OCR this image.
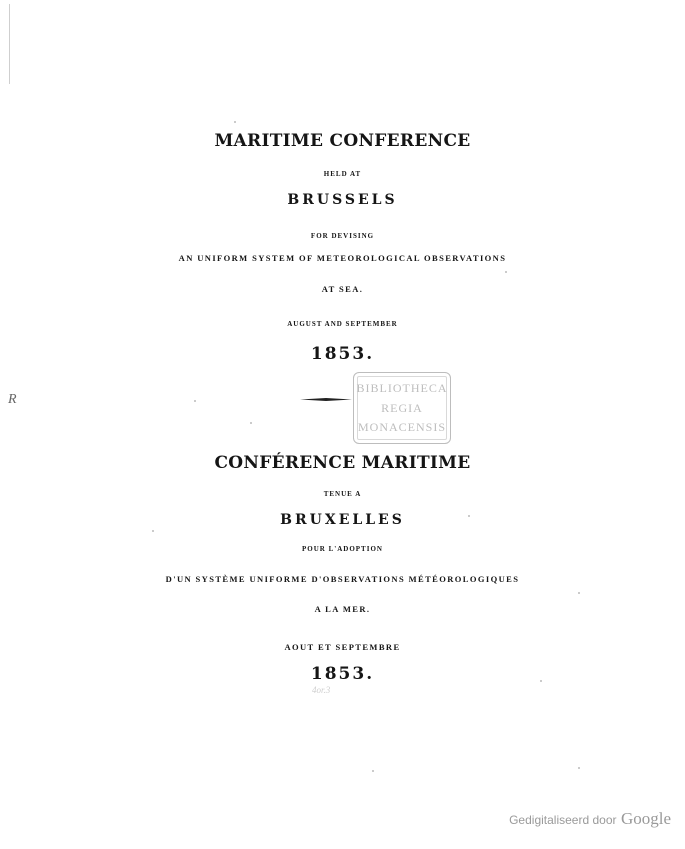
R
MARITIME CONFERENCE
HELD AT
BRUSSELS
FOR DEVISING
AN UNIFORM SYSTEM OF METEOROLOGICAL OBSERVATIONS
AT SEA.
AUGUST AND SEPTEMBER
1853.
BIBLIOTHECA
REGIA
MONACENSIS
CONFÉRENCE MARITIME
TENUE A
BRUXELLES
POUR L'ADOPTION
D'UN SYSTÈME UNIFORME D'OBSERVATIONS MÉTÉOROLOGIQUES
A LA MER.
AOUT ET SEPTEMBRE
1853.
4or.3
Gedigitaliseerd door Google
